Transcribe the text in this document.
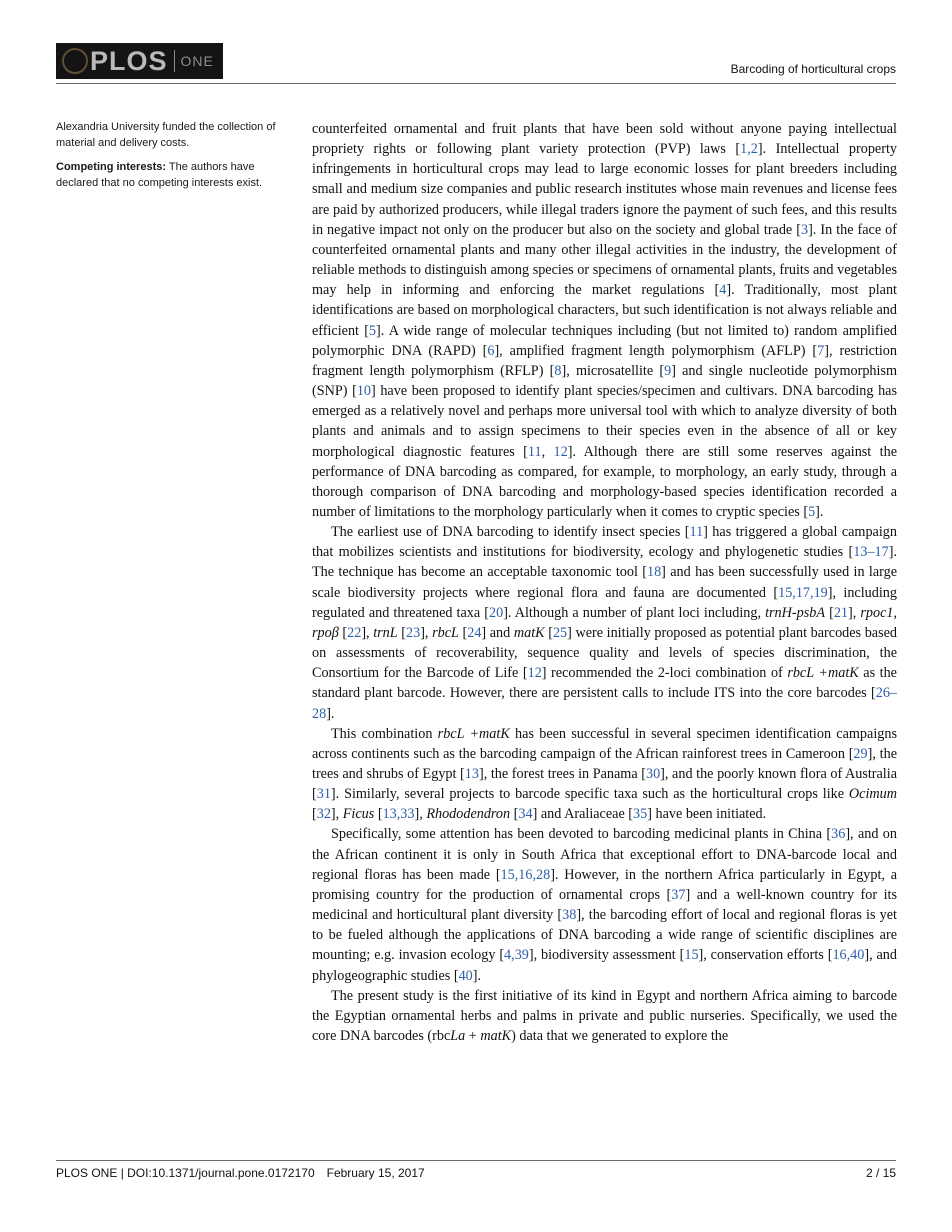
PLOS ONE	Barcoding of horticultural crops

Alexandria University funded the collection of material and delivery costs.

Competing interests: The authors have declared that no competing interests exist.

counterfeited ornamental and fruit plants that have been sold without anyone paying intellectual propriety rights or following plant variety protection (PVP) laws [1,2]. Intellectual property infringements in horticultural crops may lead to large economic losses for plant breeders including small and medium size companies and public research institutes whose main revenues and license fees are paid by authorized producers, while illegal traders ignore the payment of such fees, and this results in negative impact not only on the producer but also on the society and global trade [3]. In the face of counterfeited ornamental plants and many other illegal activities in the industry, the development of reliable methods to distinguish among species or specimens of ornamental plants, fruits and vegetables may help in informing and enforcing the market regulations [4]. Traditionally, most plant identifications are based on morphological characters, but such identification is not always reliable and efficient [5]. A wide range of molecular techniques including (but not limited to) random amplified polymorphic DNA (RAPD) [6], amplified fragment length polymorphism (AFLP) [7], restriction fragment length polymorphism (RFLP) [8], microsatellite [9] and single nucleotide polymorphism (SNP) [10] have been proposed to identify plant species/specimen and cultivars. DNA barcoding has emerged as a relatively novel and perhaps more universal tool with which to analyze diversity of both plants and animals and to assign specimens to their species even in the absence of all or key morphological diagnostic features [11, 12]. Although there are still some reserves against the performance of DNA barcoding as compared, for example, to morphology, an early study, through a thorough comparison of DNA barcoding and morphology-based species identification recorded a number of limitations to the morphology particularly when it comes to cryptic species [5].

The earliest use of DNA barcoding to identify insect species [11] has triggered a global campaign that mobilizes scientists and institutions for biodiversity, ecology and phylogenetic studies [13–17]. The technique has become an acceptable taxonomic tool [18] and has been successfully used in large scale biodiversity projects where regional flora and fauna are documented [15,17,19], including regulated and threatened taxa [20]. Although a number of plant loci including, trnH-psbA [21], rpoc1, rpoβ [22], trnL [23], rbcL [24] and matK [25] were initially proposed as potential plant barcodes based on assessments of recoverability, sequence quality and levels of species discrimination, the Consortium for the Barcode of Life [12] recommended the 2-loci combination of rbcL +matK as the standard plant barcode. However, there are persistent calls to include ITS into the core barcodes [26–28].

This combination rbcL +matK has been successful in several specimen identification campaigns across continents such as the barcoding campaign of the African rainforest trees in Cameroon [29], the trees and shrubs of Egypt [13], the forest trees in Panama [30], and the poorly known flora of Australia [31]. Similarly, several projects to barcode specific taxa such as the horticultural crops like Ocimum [32], Ficus [13,33], Rhododendron [34] and Araliaceae [35] have been initiated.

Specifically, some attention has been devoted to barcoding medicinal plants in China [36], and on the African continent it is only in South Africa that exceptional effort to DNA-barcode local and regional floras has been made [15,16,28]. However, in the northern Africa particularly in Egypt, a promising country for the production of ornamental crops [37] and a well-known country for its medicinal and horticultural plant diversity [38], the barcoding effort of local and regional floras is yet to be fueled although the applications of DNA barcoding a wide range of scientific disciplines are mounting; e.g. invasion ecology [4,39], biodiversity assessment [15], conservation efforts [16,40], and phylogeographic studies [40].

The present study is the first initiative of its kind in Egypt and northern Africa aiming to barcode the Egyptian ornamental herbs and palms in private and public nurseries. Specifically, we used the core DNA barcodes (rbcLa + matK) data that we generated to explore the

PLOS ONE | DOI:10.1371/journal.pone.0172170 February 15, 2017	2 / 15
